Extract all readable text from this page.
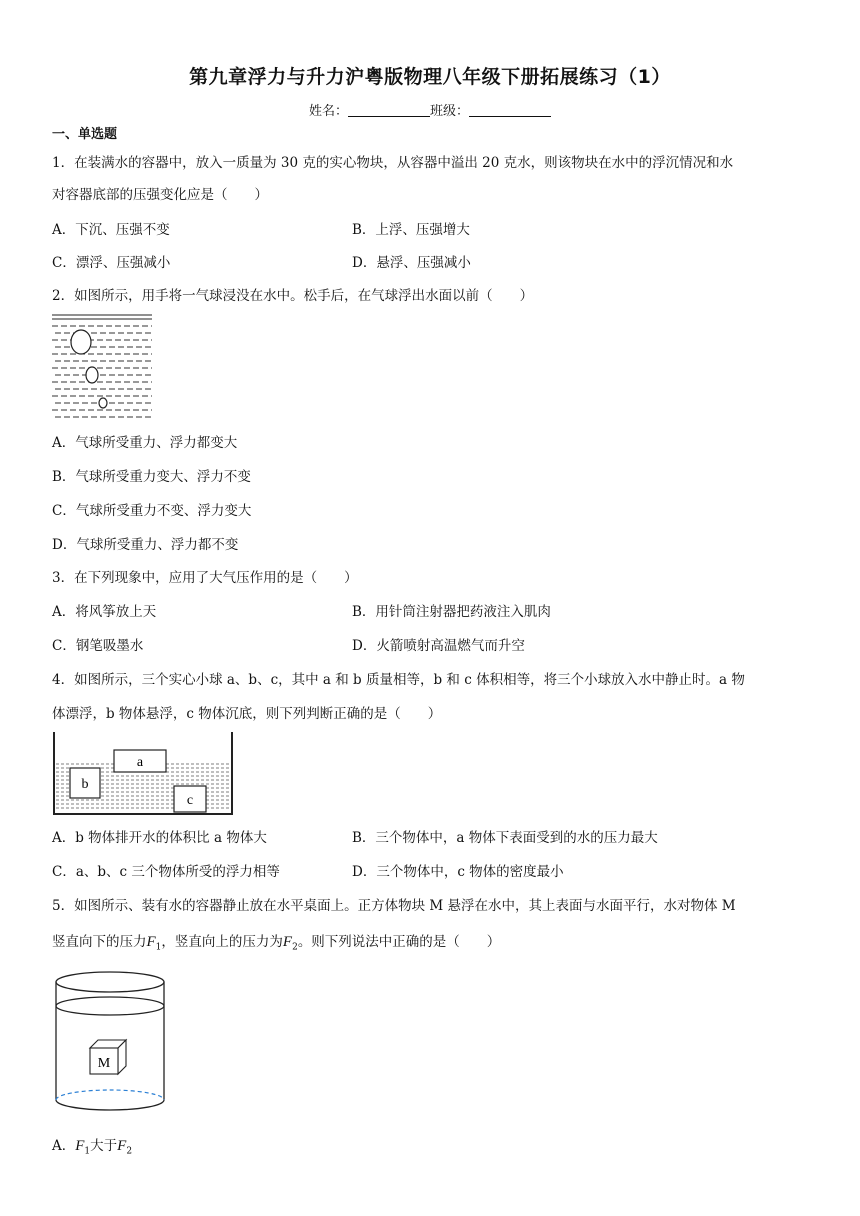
第九章浮力与升力沪粤版物理八年级下册拓展练习（1）
姓名：	班级：
一、单选题
1．在装满水的容器中，放入一质量为 30 克的实心物块，从容器中溢出 20 克水，则该物块在水中的浮沉情况和水
对容器底部的压强变化应是（　　）
A．下沉、压强不变	B．上浮、压强增大
C．漂浮、压强减小	D．悬浮、压强减小
2．如图所示，用手将一气球浸没在水中。松手后，在气球浮出水面以前（　　）
A．气球所受重力、浮力都变大
B．气球所受重力变大、浮力不变
C．气球所受重力不变、浮力变大
D．气球所受重力、浮力都不变
3．在下列现象中，应用了大气压作用的是（　　）
A．将风筝放上天	B．用针筒注射器把药液注入肌肉
C．钢笔吸墨水	D．火箭喷射高温燃气而升空
4．如图所示，三个实心小球 a、b、c，其中 a 和 b 质量相等，b 和 c 体积相等，将三个小球放入水中静止时。a 物
体漂浮，b 物体悬浮，c 物体沉底，则下列判断正确的是（　　）
a
b
c
A．b 物体排开水的体积比 a 物体大	B．三个物体中，a 物体下表面受到的水的压力最大
C．a、b、c 三个物体所受的浮力相等	D．三个物体中，c 物体的密度最小
5．如图所示、装有水的容器静止放在水平桌面上。正方体物块 M 悬浮在水中，其上表面与水面平行，水对物体 M
竖直向下的压力$F_1$，竖直向上的压力为$F_2$。则下列说法中正确的是（　　）
M
A．$F_1$大于$F_2$
